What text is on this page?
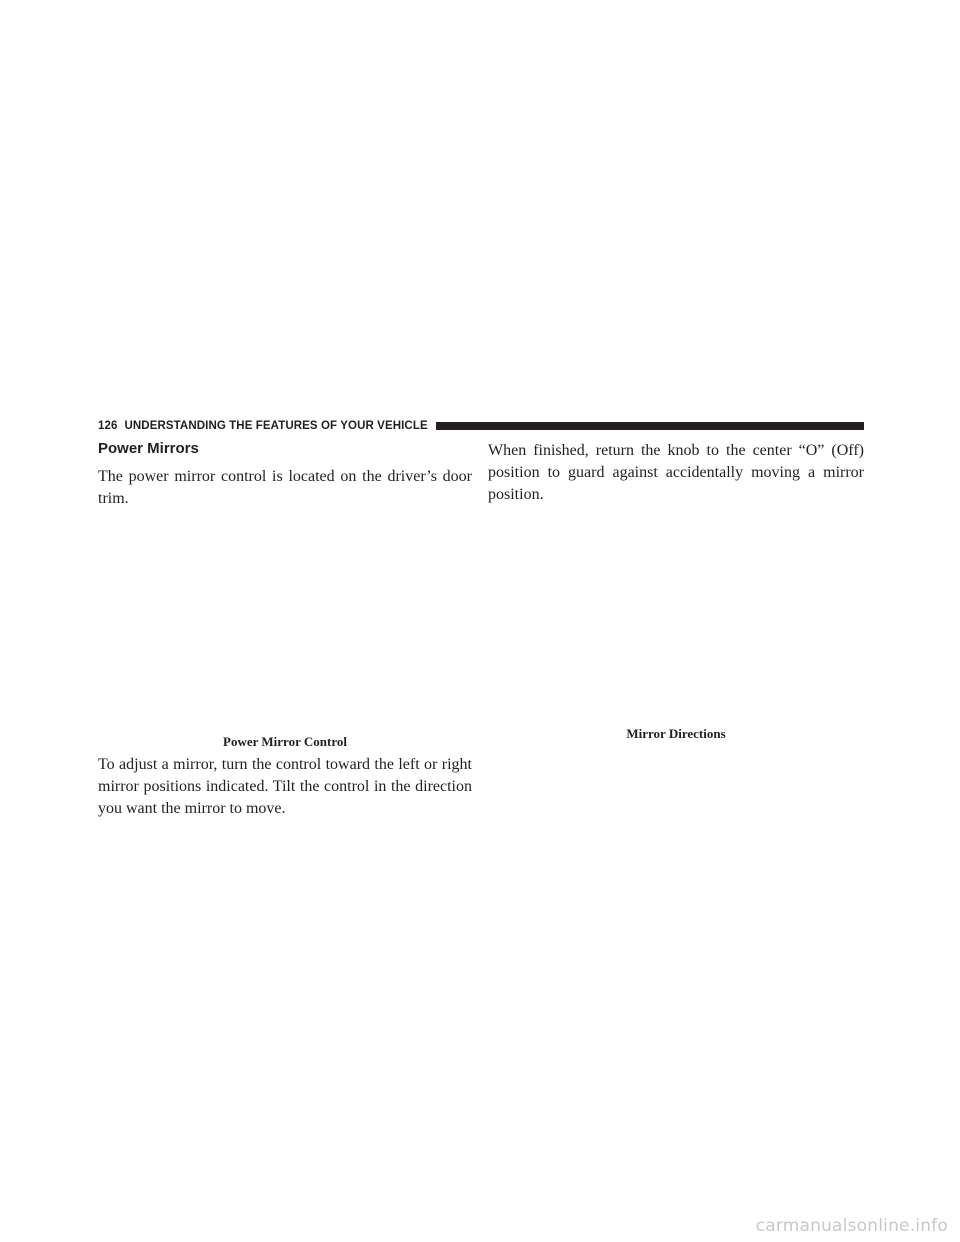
126 UNDERSTANDING THE FEATURES OF YOUR VEHICLE
Power Mirrors

The power mirror control is located on the driver’s door trim.

Power Mirror Control

To adjust a mirror, turn the control toward the left or right mirror positions indicated. Tilt the control in the direction you want the mirror to move.

When finished, return the knob to the center “O” (Off) position to guard against accidentally moving a mirror position.

Mirror Directions

carmanualsonline.info
